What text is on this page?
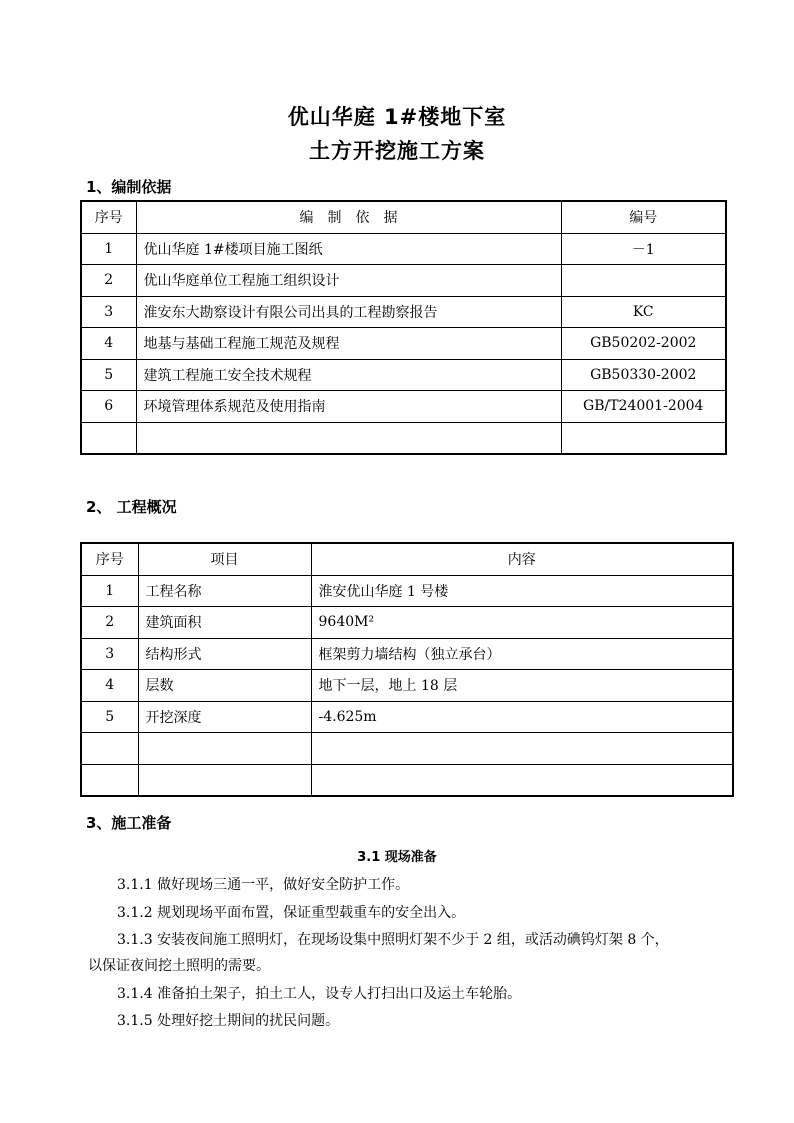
优山华庭 1#楼地下室
土方开挖施工方案
1、编制依据
序号	编　制　依　据	编号
1	优山华庭 1#楼项目施工图纸	－1
2	优山华庭单位工程施工组织设计	
3	淮安东大勘察设计有限公司出具的工程勘察报告	KC
4	地基与基础工程施工规范及规程	GB50202-2002
5	建筑工程施工安全技术规程	GB50330-2002
6	环境管理体系规范及使用指南	GB/T24001-2004

2、 工程概况
序号	项目	内容
1	工程名称	淮安优山华庭 1 号楼
2	建筑面积	9640M²
3	结构形式	框架剪力墙结构（独立承台）
4	层数	地下一层，地上 18 层
5	开挖深度	-4.625m

3、施工准备
3.1 现场准备
3.1.1 做好现场三通一平，做好安全防护工作。
3.1.2 规划现场平面布置，保证重型载重车的安全出入。
3.1.3 安装夜间施工照明灯，在现场设集中照明灯架不少于 2 组，或活动碘钨灯架 8 个，
以保证夜间挖土照明的需要。
3.1.4 准备拍土架子，拍土工人，设专人打扫出口及运土车轮胎。
3.1.5 处理好挖土期间的扰民问题。
